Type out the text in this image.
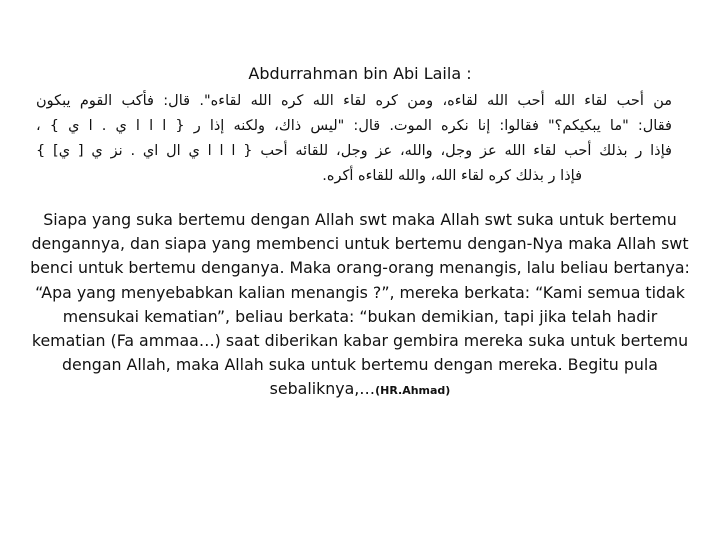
Abdurrahman bin Abi Laila :
من أحب لقاء الله أحب الله لقاءه، ومن كره لقاء الله كره الله لقاءه". قال: فأكب القوم يبكون
فقال: "ما يبكيكم؟" فقالوا: إنا نكره الموت. قال: "ليس ذاك، ولكنه إذا ر { ا ا ا ي . ا ي } ،
فإذا ر بذلك أحب لقاء الله عز وجل، والله، عز وجل، للقائه أحب { ا ا ا ي ال اي . نز ي [ ي] }
فإذا ر بذلك كره لقاء الله، والله للقاءه أكره.
Siapa yang suka bertemu dengan Allah swt maka Allah swt suka untuk bertemu dengannya, dan siapa yang membenci untuk bertemu dengan-Nya maka Allah swt benci untuk bertemu denganya. Maka orang-orang menangis, lalu beliau bertanya: “Apa yang menyebabkan kalian menangis ?”, mereka berkata: “Kami semua tidak mensukai kematian”, beliau berkata: “bukan demikian, tapi jika telah hadir kematian (Fa ammaa…) saat diberikan kabar gembira mereka suka untuk bertemu dengan Allah, maka Allah suka untuk bertemu dengan mereka. Begitu pula sebaliknya,…(HR.Ahmad)
